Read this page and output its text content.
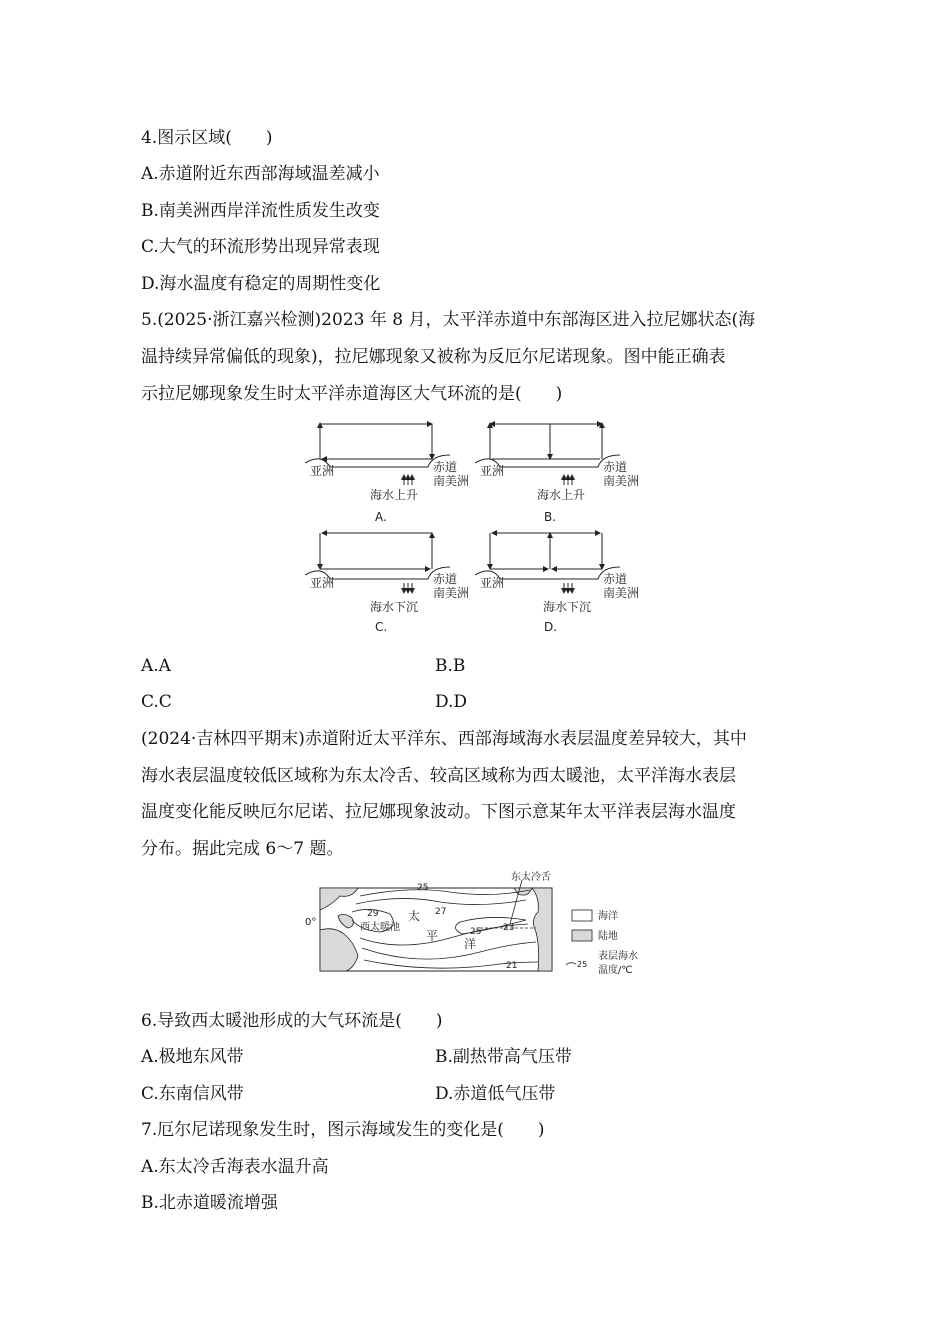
4.图示区域(　　)
A.赤道附近东西部海域温差减小
B.南美洲西岸洋流性质发生改变
C.大气的环流形势出现异常表现
D.海水温度有稳定的周期性变化
5.(2025·浙江嘉兴检测)2023 年 8 月，太平洋赤道中东部海区进入拉尼娜状态(海
温持续异常偏低的现象)，拉尼娜现象又被称为反厄尔尼诺现象。图中能正确表
示拉尼娜现象发生时太平洋赤道海区大气环流的是(　　)
亚洲	赤道
南美洲
海水上升
A.
亚洲	赤道
南美洲
海水上升
B.
亚洲	赤道
南美洲
海水下沉
C.
亚洲	赤道
南美洲
海水下沉
D.
A.A	B.B
C.C	D.D
(2024·吉林四平期末)赤道附近太平洋东、西部海域海水表层温度差异较大，其中
海水表层温度较低区域称为东太冷舌、较高区域称为西太暖池，太平洋海水表层
温度变化能反映厄尔尼诺、拉尼娜现象波动。下图示意某年太平洋表层海水温度
分布。据此完成 6～7 题。
东太冷舌
0°
25
27
29
25 23
21
西太暖池
太
平
洋
海洋
陆地
25
表层海水
温度/℃
6.导致西太暖池形成的大气环流是(　　)
A.极地东风带	B.副热带高气压带
C.东南信风带	D.赤道低气压带
7.厄尔尼诺现象发生时，图示海域发生的变化是(　　)
A.东太冷舌海表水温升高
B.北赤道暖流增强
